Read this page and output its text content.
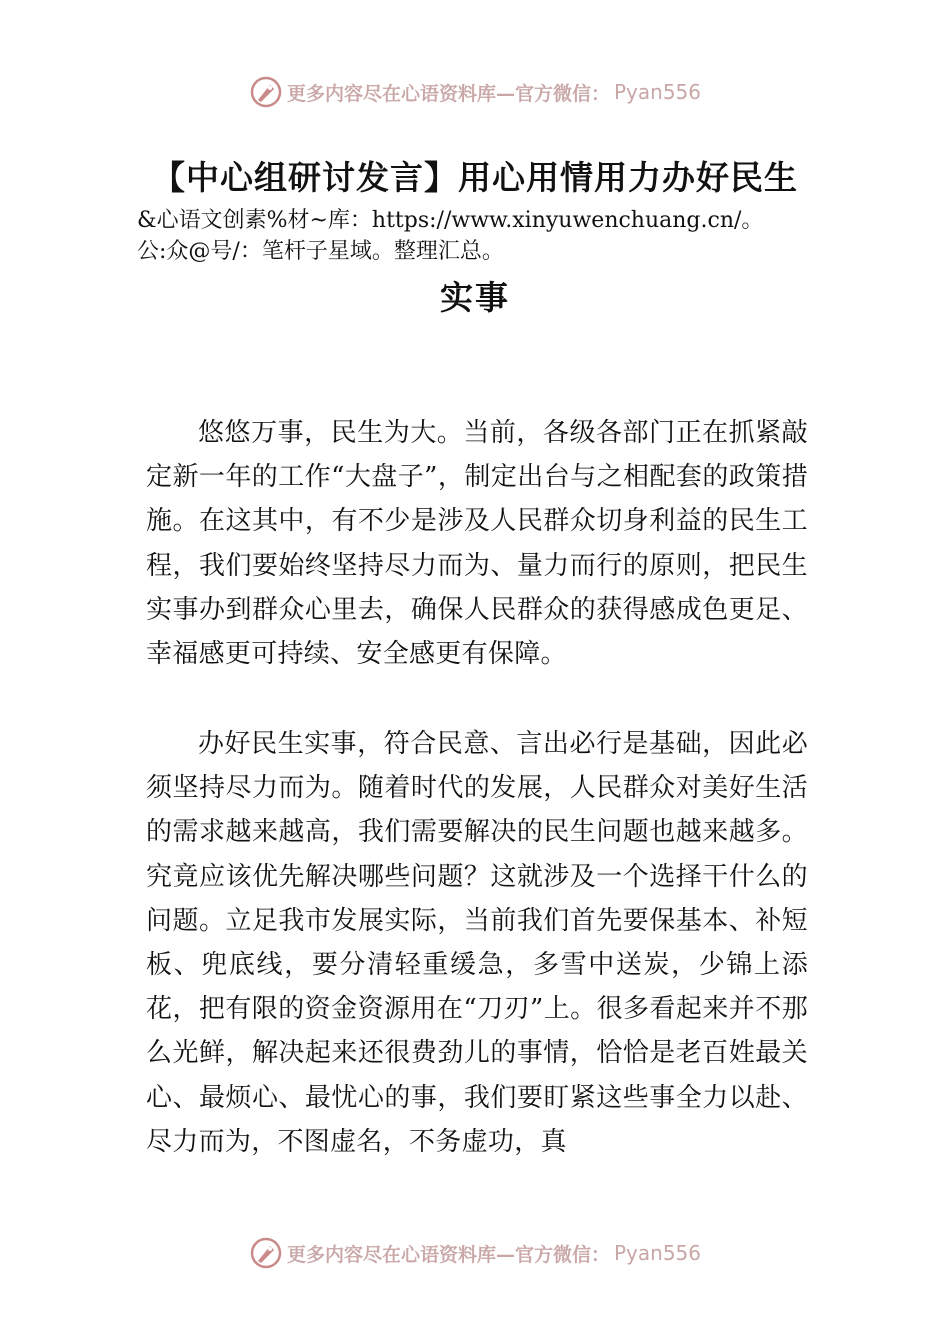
更多内容尽在心语资料库—官方微信： Pyan556
【中心组研讨发言】用心用情用力办好民生
&心语文创素%材~库：https://www.xinyuwenchuang.cn/。
公:众@号/：笔杆子星域。整理汇总。
实事

悠悠万事，民生为大。当前，各级各部门正在抓紧敲定新一年的工作“大盘子”，制定出台与之相配套的政策措施。在这其中，有不少是涉及人民群众切身利益的民生工程，我们要始终坚持尽力而为、量力而行的原则，把民生实事办到群众心里去，确保人民群众的获得感成色更足、幸福感更可持续、安全感更有保障。

办好民生实事，符合民意、言出必行是基础，因此必须坚持尽力而为。随着时代的发展，人民群众对美好生活的需求越来越高，我们需要解决的民生问题也越来越多。究竟应该优先解决哪些问题？这就涉及一个选择干什么的问题。立足我市发展实际，当前我们首先要保基本、补短板、兜底线，要分清轻重缓急，多雪中送炭，少锦上添花，把有限的资金资源用在“刀刃”上。很多看起来并不那么光鲜，解决起来还很费劲儿的事情，恰恰是老百姓最关心、最烦心、最忧心的事，我们要盯紧这些事全力以赴、尽力而为，不图虚名，不务虚功，真

更多内容尽在心语资料库—官方微信： Pyan556
